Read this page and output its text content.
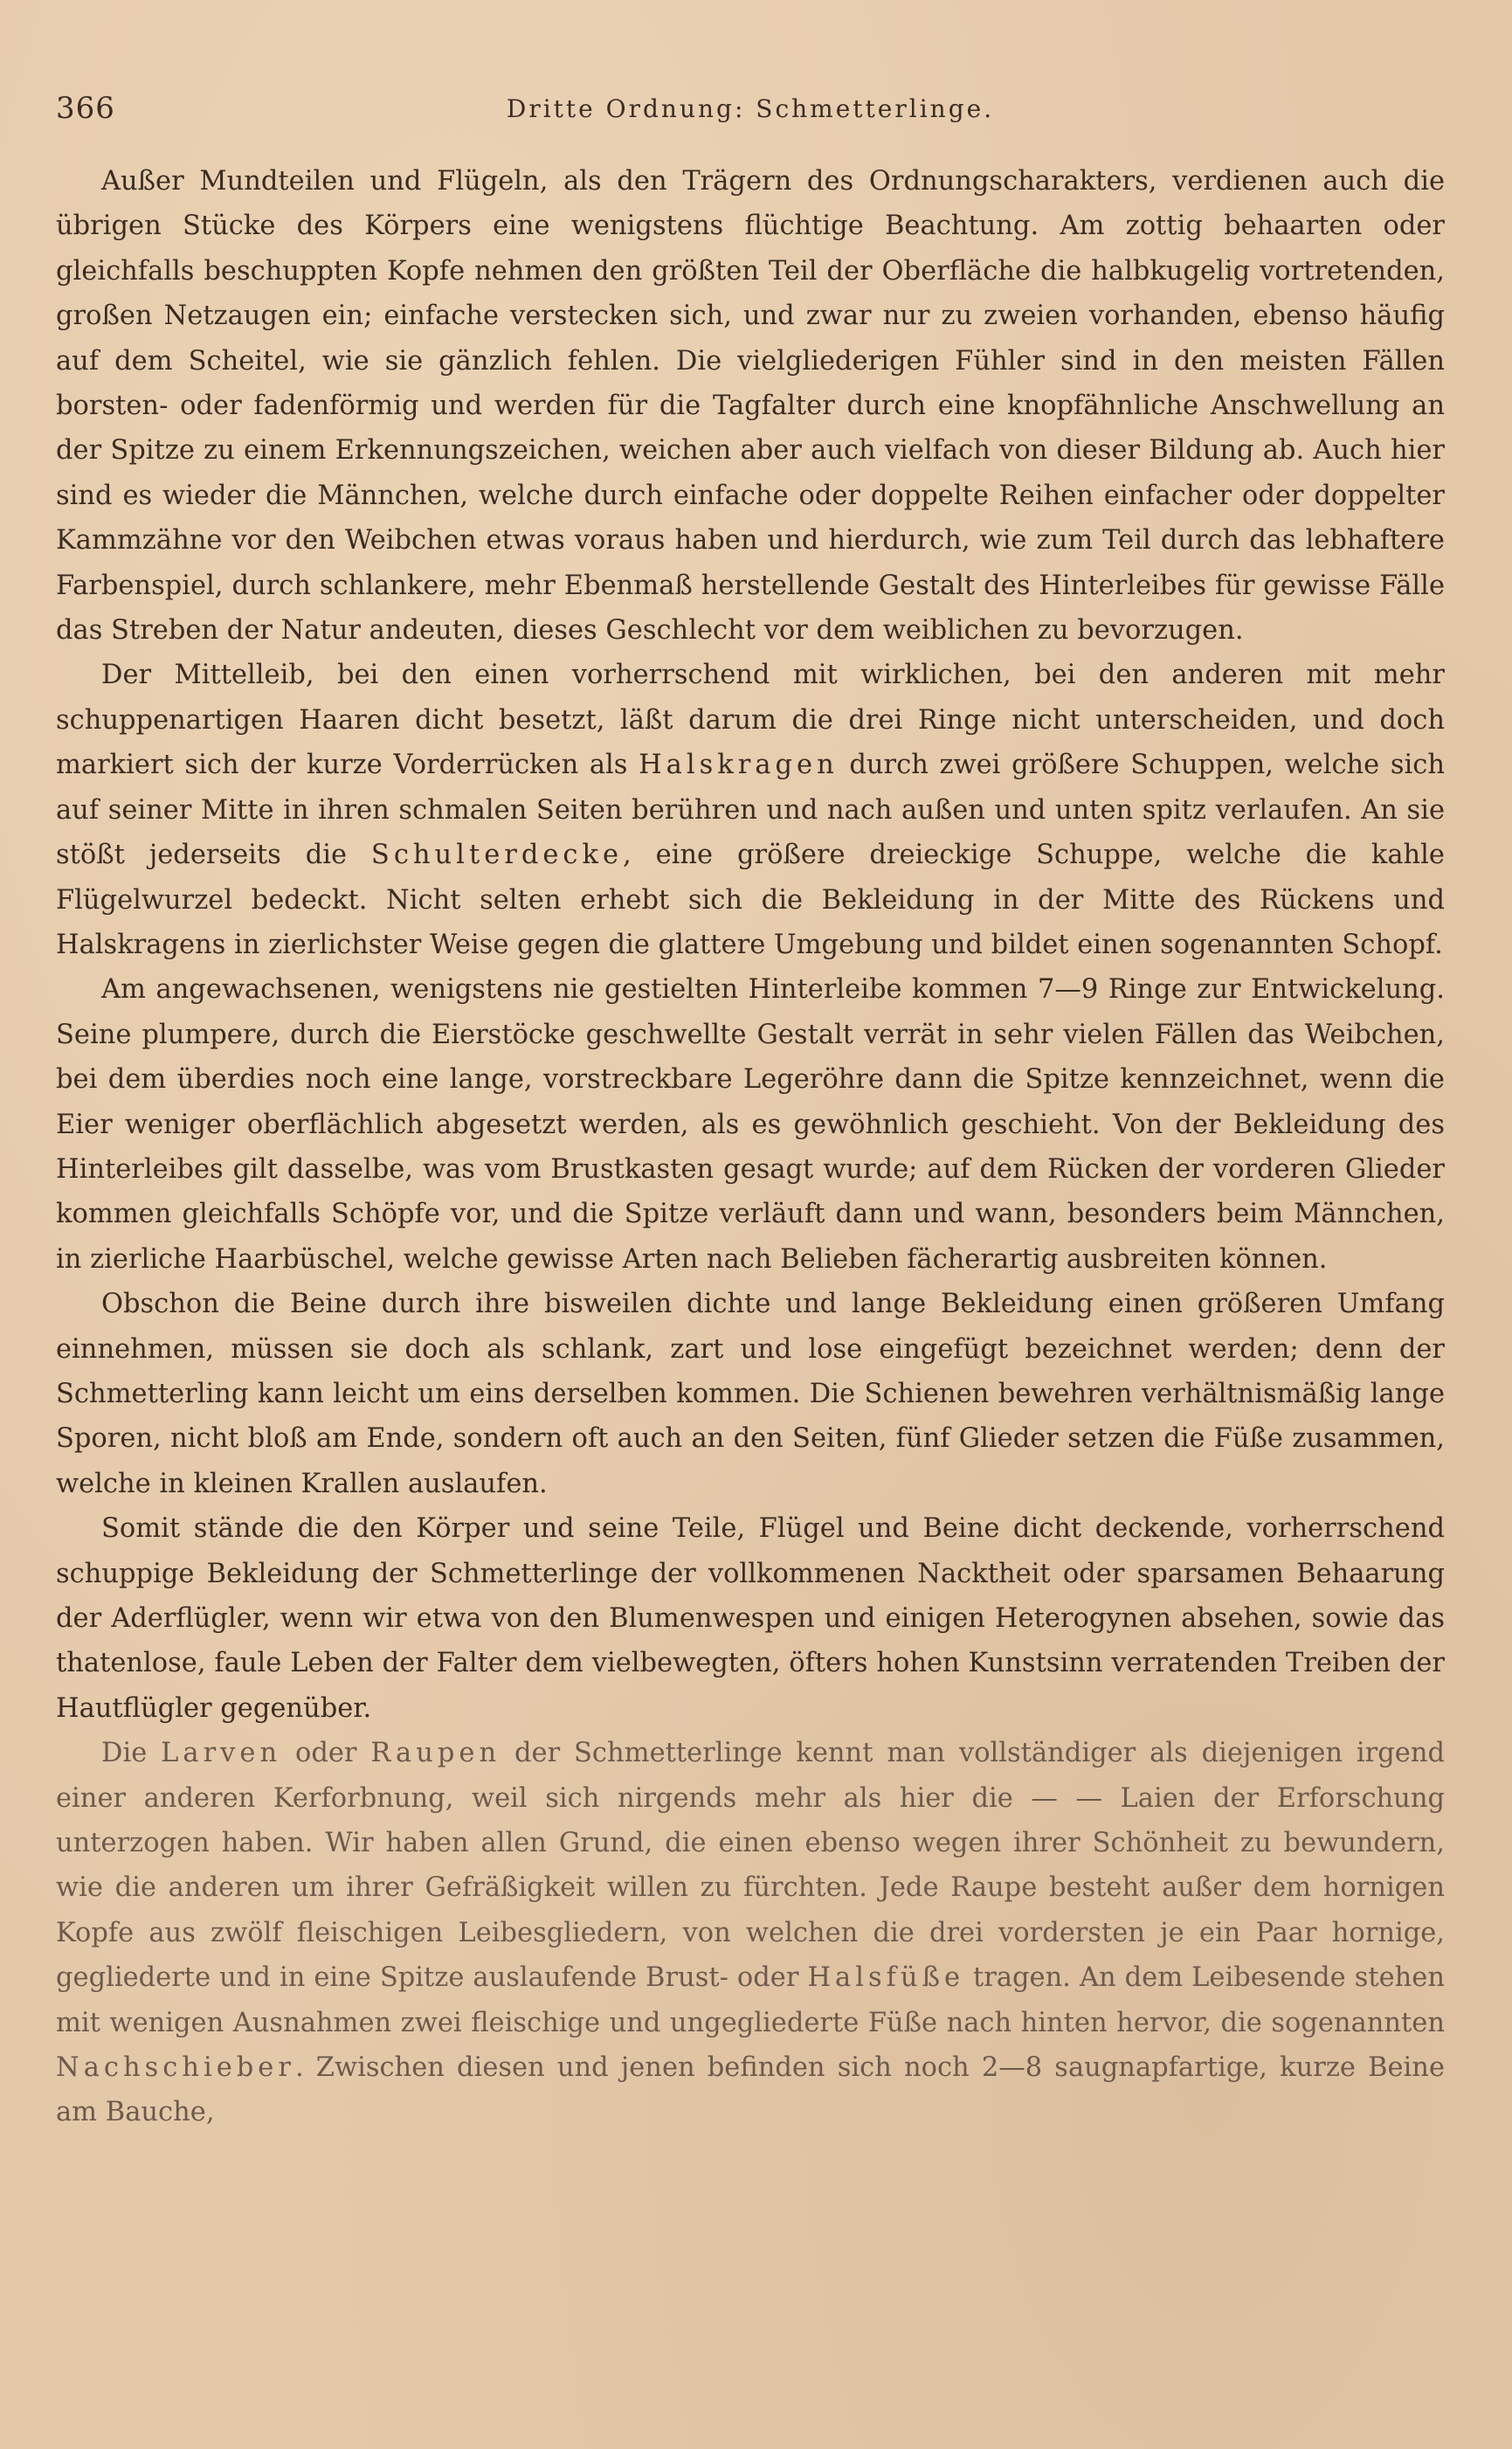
366	Dritte Ordnung: Schmetterlinge.

Außer Mundteilen und Flügeln, als den Trägern des Ordnungscharakters, verdienen auch die übrigen Stücke des Körpers eine wenigstens flüchtige Beachtung. Am zottig behaarten oder gleichfalls beschuppten Kopfe nehmen den größten Teil der Oberfläche die halbkugelig vortretenden, großen Netzaugen ein; einfache verstecken sich, und zwar nur zu zweien vorhanden, ebenso häufig auf dem Scheitel, wie sie gänzlich fehlen. Die vielgliederigen Fühler sind in den meisten Fällen borsten- oder fadenförmig und werden für die Tagfalter durch eine knopfähnliche Anschwellung an der Spitze zu einem Erkennungszeichen, weichen aber auch vielfach von dieser Bildung ab. Auch hier sind es wieder die Männchen, welche durch einfache oder doppelte Reihen einfacher oder doppelter Kammzähne vor den Weibchen etwas voraus haben und hierdurch, wie zum Teil durch das lebhaftere Farbenspiel, durch schlankere, mehr Ebenmaß herstellende Gestalt des Hinterleibes für gewisse Fälle das Streben der Natur andeuten, dieses Geschlecht vor dem weiblichen zu bevorzugen.

Der Mittelleib, bei den einen vorherrschend mit wirklichen, bei den anderen mit mehr schuppenartigen Haaren dicht besetzt, läßt darum die drei Ringe nicht unterscheiden, und doch markiert sich der kurze Vorderrücken als Halskragen durch zwei größere Schuppen, welche sich auf seiner Mitte in ihren schmalen Seiten berühren und nach außen und unten spitz verlaufen. An sie stößt jederseits die Schulterdecke, eine größere dreieckige Schuppe, welche die kahle Flügelwurzel bedeckt. Nicht selten erhebt sich die Bekleidung in der Mitte des Rückens und Halskragens in zierlichster Weise gegen die glattere Umgebung und bildet einen sogenannten Schopf.

Am angewachsenen, wenigstens nie gestielten Hinterleibe kommen 7—9 Ringe zur Entwickelung. Seine plumpere, durch die Eierstöcke geschwellte Gestalt verrät in sehr vielen Fällen das Weibchen, bei dem überdies noch eine lange, vorstreckbare Legeröhre dann die Spitze kennzeichnet, wenn die Eier weniger oberflächlich abgesetzt werden, als es gewöhnlich geschieht. Von der Bekleidung des Hinterleibes gilt dasselbe, was vom Brustkasten gesagt wurde; auf dem Rücken der vorderen Glieder kommen gleichfalls Schöpfe vor, und die Spitze verläuft dann und wann, besonders beim Männchen, in zierliche Haarbüschel, welche gewisse Arten nach Belieben fächerartig ausbreiten können.

Obschon die Beine durch ihre bisweilen dichte und lange Bekleidung einen größeren Umfang einnehmen, müssen sie doch als schlank, zart und lose eingefügt bezeichnet werden; denn der Schmetterling kann leicht um eins derselben kommen. Die Schienen bewehren verhältnismäßig lange Sporen, nicht bloß am Ende, sondern oft auch an den Seiten, fünf Glieder setzen die Füße zusammen, welche in kleinen Krallen auslaufen.

Somit stände die den Körper und seine Teile, Flügel und Beine dicht deckende, vorherrschend schuppige Bekleidung der Schmetterlinge der vollkommenen Nacktheit oder sparsamen Behaarung der Aderflügler, wenn wir etwa von den Blumenwespen und einigen Heterogynen absehen, sowie das thatenlose, faule Leben der Falter dem vielbewegten, öfters hohen Kunstsinn verratenden Treiben der Hautflügler gegenüber.

Die Larven oder Raupen der Schmetterlinge kennt man vollständiger als diejenigen irgend einer anderen Kerforbnung, weil sich nirgends mehr als hier die — — Laien der Erforschung unterzogen haben. Wir haben allen Grund, die einen ebenso wegen ihrer Schönheit zu bewundern, wie die anderen um ihrer Gefräßigkeit willen zu fürchten. Jede Raupe besteht außer dem hornigen Kopfe aus zwölf fleischigen Leibesgliedern, von welchen die drei vordersten je ein Paar hornige, gegliederte und in eine Spitze auslaufende Brust- oder Halsfüße tragen. An dem Leibesende stehen mit wenigen Ausnahmen zwei fleischige und ungegliederte Füße nach hinten hervor, die sogenannten Nachschieber. Zwischen diesen und jenen befinden sich noch 2—8 saugnapfartige, kurze Beine am Bauche,
